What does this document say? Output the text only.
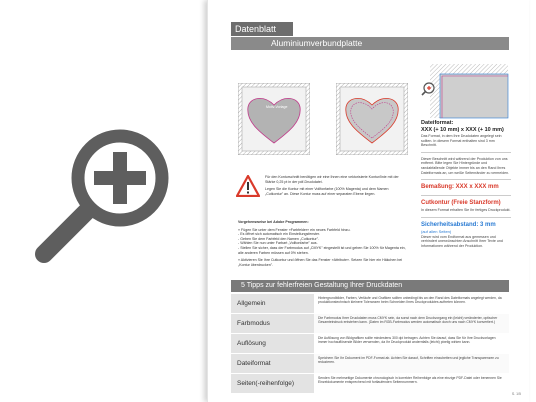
Datenblatt
Aluminiumverbundplatte
Motiv-Vorlage
Dateiformat:
XXX (+ 10 mm) x XXX (+ 10 mm)
Das Format, in dem Ihre Druckdaten angelegt sein sollten. In diesem Format enthalten sind 3 mm Beschnitt.
Dieser Beschnitt wird während der Produktion von uns entfernt. Bitte legen Sie Hintergründe und randabfallende Objekte immer bis an den Rand Ihres Dateiformats an, um weiße Seitenränder zu vermeiden.
Bemaßung: XXX x XXX mm
Cutkontur (Freie Stanzform)
In diesem Format erhalten Sie Ihr fertiges Druckprodukt.
Sicherheitsabstand: 3 mm
(auf allen Seiten)
Dieser wird vom Endformat aus gemessen und verhindert unerwünschten Anschnitt Ihrer Texte und Informationen während der Produktion.
Für den Konturschnitt benötigen wir eine Ihnen eine vektorisierte Kontur/linie mit der Stärke 0,25 pt in der pdf-Druckdatei.
Legen Sie die Kontur mit einer Vollfonfarbe (100% Magenta) und dem Namen „Cutkontur" an. Diese Kontur muss auf einer separaten Ebene liegen.
Vorgehensweise bei Adobe Programmen:
» Fügen Sie unter dem Fenster »Farbfelder« ein neues Farbfeld hinzu.
- Es öffnet sich automatisch ein Einstellungsfenster.
- Geben Sie dem Farbfeld den Namen „Cutkontur".
- Wählen Sie nun unter Farbart „Volltonfarbe" aus.
- Stellen Sie sicher, dass der Farbmodus auf „CMYK" eingestellt ist und geben Sie 100% für Magenta ein, alle anderen Farben müssen auf 0% stehen.
» Aktivieren Sie Ihre Cutkontur und öffnen Sie das Fenster »Attribute«. Setzen Sie hier ein Häkchen bei „Kontur überdrucken".
5 Tipps zur fehlerfreien Gestaltung Ihrer Druckdaten
Allgemein
Hintergrundbilder, Farben, Verläufe und Grafiken sollten unbedingt bis an den Rand des Dateiformats angelegt werden, da produktionstechnisch kleinere Toleranzen beim Schneiden Ihres Druckproduktes auftreten können.
Farbmodus
Die Farbmodus Ihrer Druckdaten muss CMYK sein, da sonst nach dem Druckvorgang ein (leicht) veränderter, optischer Gesamteindruck entstehen kann. (Daten im RGB-Farbmodus werden automatisch durch uns nach CMYK konvertiert.)
Auflösung
Die Auflösung von Bildgrafiken sollte mindestens 300 dpi betragen. Achten Sie darauf, dass Sie für Ihre Druckvorlagen immer hochauflösende Bilder verwenden, da Ihr Druckprodukt andernfalls (leicht) pixelig wirken kann.
Dateiformat
Speichern Sie Ihr Dokument im PDF-Format ab. Achten Sie darauf, Schriften einzubetten und jegliche Transparenzen zu reduzieren.
Seiten(-reihenfolge)
Senden Sie mehrseitige Dokumente chronologisch in korrekter Reihenfolge als eine einzige PDF-Datei oder benennen Sie Einzeldokumente entsprechend mit fortlaufenden Seitennummern.
S. 1/5
